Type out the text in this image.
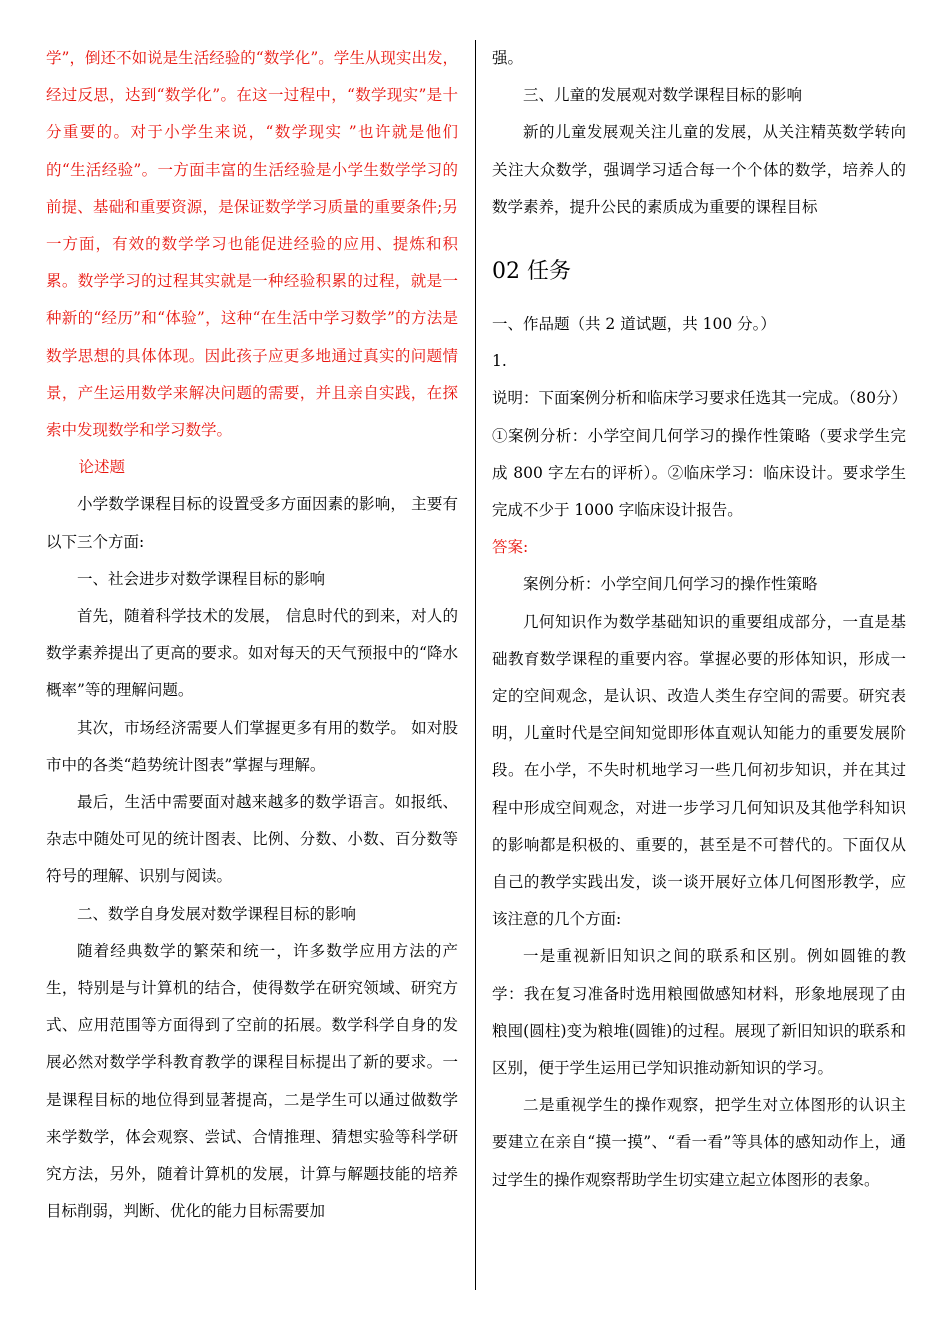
学”，倒还不如说是生活经验的“数学化”。学生从现实出发，经过反思，达到“数学化”。在这一过程中，“数学现实”是十分重要的。对于小学生来说，“数学现实 ”也许就是他们的“生活经验”。一方面丰富的生活经验是小学生数学学习的前提、基础和重要资源，是保证数学学习质量的重要条件;另一方面，有效的数学学习也能促进经验的应用、提炼和积累。数学学习的过程其实就是一种经验积累的过程，就是一种新的“经历”和“体验”，这种“在生活中学习数学”的方法是数学思想的具体体现。因此孩子应更多地通过真实的问题情景，产生运用数学来解决问题的需要，并且亲自实践，在探索中发现数学和学习数学。

论述题

小学数学课程目标的设置受多方面因素的影响， 主要有以下三个方面:

一、社会进步对数学课程目标的影响

首先，随着科学技术的发展， 信息时代的到来，对人的数学素养提出了更高的要求。如对每天的天气预报中的“降水概率”等的理解问题。

其次，市场经济需要人们掌握更多有用的数学。 如对股市中的各类“趋势统计图表”掌握与理解。

最后，生活中需要面对越来越多的数学语言。如报纸、杂志中随处可见的统计图表、比例、分数、小数、百分数等符号的理解、识别与阅读。

二、数学自身发展对数学课程目标的影响

随着经典数学的繁荣和统一，许多数学应用方法的产生，特别是与计算机的结合，使得数学在研究领域、研究方式、应用范围等方面得到了空前的拓展。数学科学自身的发展必然对数学学科教育教学的课程目标提出了新的要求。一是课程目标的地位得到显著提高，二是学生可以通过做数学来学数学，体会观察、尝试、合情推理、猜想实验等科学研究方法，另外，随着计算机的发展，计算与解题技能的培养目标削弱，判断、优化的能力目标需要加

强。

三、儿童的发展观对数学课程目标的影响

新的儿童发展观关注儿童的发展，从关注精英数学转向关注大众数学，强调学习适合每一个个体的数学，培养人的数学素养，提升公民的素质成为重要的课程目标

02 任务

一、作品题（共 2 道试题，共 100 分。）

1.

说明：下面案例分析和临床学习要求任选其一完成。（80分）

①案例分析：小学空间几何学习的操作性策略（要求学生完成 800 字左右的评析）。②临床学习：临床设计。要求学生完成不少于 1000 字临床设计报告。

答案:

案例分析：小学空间几何学习的操作性策略

几何知识作为数学基础知识的重要组成部分，一直是基础教育数学课程的重要内容。掌握必要的形体知识，形成一定的空间观念，是认识、改造人类生存空间的需要。研究表明，儿童时代是空间知觉即形体直观认知能力的重要发展阶段。在小学，不失时机地学习一些几何初步知识，并在其过程中形成空间观念，对进一步学习几何知识及其他学科知识的影响都是积极的、重要的，甚至是不可替代的。下面仅从自己的教学实践出发，谈一谈开展好立体几何图形教学，应该注意的几个方面:

一是重视新旧知识之间的联系和区别。例如圆锥的教学：我在复习准备时选用粮囤做感知材料，形象地展现了由粮囤(圆柱)变为粮堆(圆锥)的过程。展现了新旧知识的联系和区别，便于学生运用已学知识推动新知识的学习。

二是重视学生的操作观察，把学生对立体图形的认识主要建立在亲自“摸一摸”、“看一看”等具体的感知动作上，通过学生的操作观察帮助学生切实建立起立体图形的表象。
